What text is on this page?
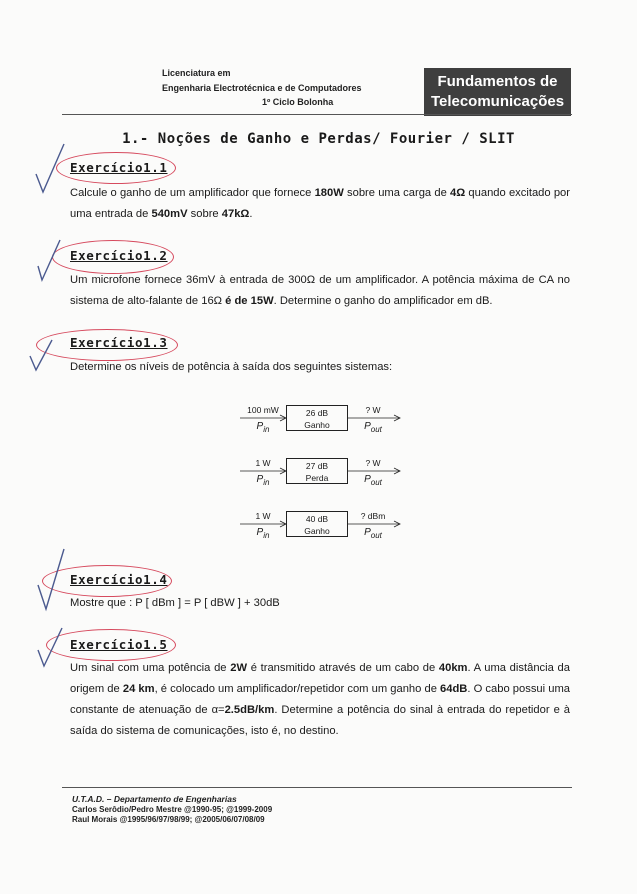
Licenciatura em
Engenharia Electrotécnica e de Computadores
1º Ciclo Bolonha
Fundamentos de
Telecomunicações
1.- Noções de Ganho e Perdas/ Fourier / SLIT
Exercício1.1
Calcule o ganho de um amplificador que fornece 180W sobre uma carga de 4Ω quando excitado por uma entrada de 540mV sobre 47kΩ.
Exercício1.2
Um microfone fornece 36mV à entrada de 300Ω de um amplificador. A potência máxima de CA no sistema de alto-falante de 16Ω é de 15W. Determine o ganho do amplificador em dB.
Exercício1.3
Determine os níveis de potência à saída dos seguintes sistemas:
100 mW
$P_{in}$
26 dB
Ganho
? W
$P_{out}$
1 W
$P_{in}$
27 dB
Perda
? W
$P_{out}$
1 W
$P_{in}$
40 dB
Ganho
? dBm
$P_{out}$
Exercício1.4
Mostre que : P [ dBm ] = P [ dBW ] + 30dB
Exercício1.5
Um sinal com uma potência de 2W é transmitido através de um cabo de 40km. A uma distância da origem de 24 km, é colocado um amplificador/repetidor com um ganho de 64dB. O cabo possui uma constante de atenuação de α=2.5dB/km. Determine a potência do sinal à entrada do repetidor e à saída do sistema de comunicações, isto é, no destino.
U.T.A.D. – Departamento de Engenharias
Carlos Serôdio/Pedro Mestre @1990-95; @1999-2009
Raul Morais @1995/96/97/98/99; @2005/06/07/08/09
